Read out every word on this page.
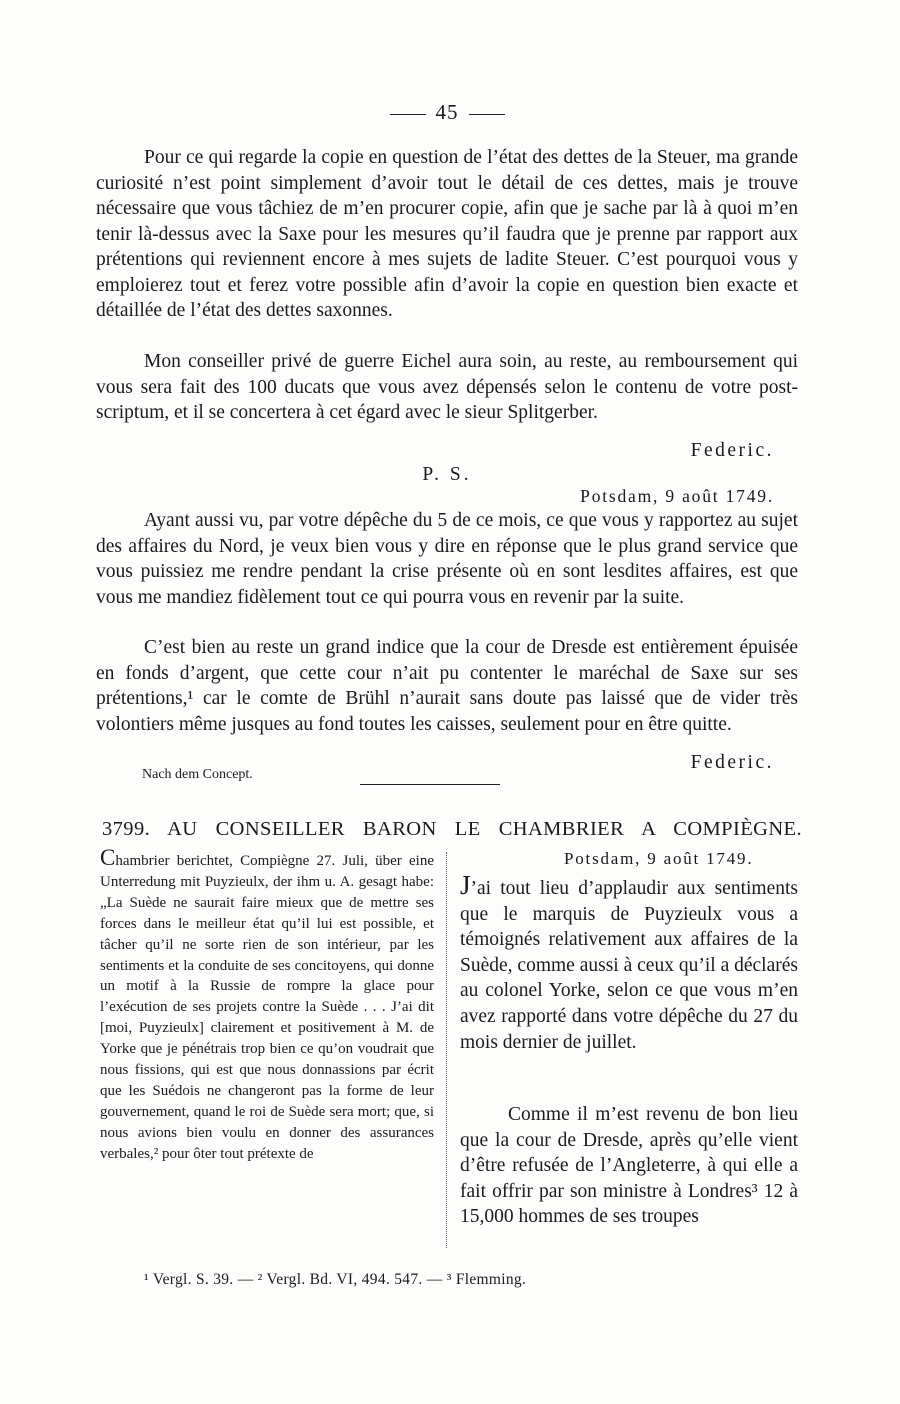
45

Pour ce qui regarde la copie en question de l’état des dettes de la Steuer, ma grande curiosité n’est point simplement d’avoir tout le détail de ces dettes, mais je trouve nécessaire que vous tâchiez de m’en procurer copie, afin que je sache par là à quoi m’en tenir là-dessus avec la Saxe pour les mesures qu’il faudra que je prenne par rapport aux prétentions qui reviennent encore à mes sujets de ladite Steuer. C’est pourquoi vous y emploierez tout et ferez votre possible afin d’avoir la copie en question bien exacte et détaillée de l’état des dettes saxonnes.

Mon conseiller privé de guerre Eichel aura soin, au reste, au remboursement qui vous sera fait des 100 ducats que vous avez dépensés selon le contenu de votre post-scriptum, et il se concertera à cet égard avec le sieur Splitgerber.

Federic.
P. S.
Potsdam, 9 août 1749.

Ayant aussi vu, par votre dépêche du 5 de ce mois, ce que vous y rapportez au sujet des affaires du Nord, je veux bien vous y dire en réponse que le plus grand service que vous puissiez me rendre pendant la crise présente où en sont lesdites affaires, est que vous me mandiez fidèlement tout ce qui pourra vous en revenir par la suite.

C’est bien au reste un grand indice que la cour de Dresde est entièrement épuisée en fonds d’argent, que cette cour n’ait pu contenter le maréchal de Saxe sur ses prétentions,¹ car le comte de Brühl n’aurait sans doute pas laissé que de vider très volontiers même jusques au fond toutes les caisses, seulement pour en être quitte.

Federic.
Nach dem Concept.
3799. AU CONSEILLER BARON LE CHAMBRIER A COMPIÈGNE.

Chambrier berichtet, Compiègne 27. Juli, über eine Unterredung mit Puyzieulx, der ihm u. A. gesagt habe: „La Suède ne saurait faire mieux que de mettre ses forces dans le meilleur état qu’il lui est possible, et tâcher qu’il ne sorte rien de son intérieur, par les sentiments et la conduite de ses concitoyens, qui donne un motif à la Russie de rompre la glace pour l’exécution de ses projets contre la Suède . . . J’ai dit [moi, Puyzieulx] clairement et positivement à M. de Yorke que je pénétrais trop bien ce qu’on voudrait que nous fissions, qui est que nous donnassions par écrit que les Suédois ne changeront pas la forme de leur gouvernement, quand le roi de Suède sera mort; que, si nous avions bien voulu en donner des assurances verbales,² pour ôter tout prétexte de

Potsdam, 9 août 1749.

J’ai tout lieu d’applaudir aux sentiments que le marquis de Puyzieulx vous a témoignés relativement aux affaires de la Suède, comme aussi à ceux qu’il a déclarés au colonel Yorke, selon ce que vous m’en avez rapporté dans votre dépêche du 27 du mois dernier de juillet.

Comme il m’est revenu de bon lieu que la cour de Dresde, après qu’elle vient d’être refusée de l’Angleterre, à qui elle a fait offrir par son ministre à Londres³ 12 à 15,000 hommes de ses troupes

¹ Vergl. S. 39. — ² Vergl. Bd. VI, 494. 547. — ³ Flemming.
